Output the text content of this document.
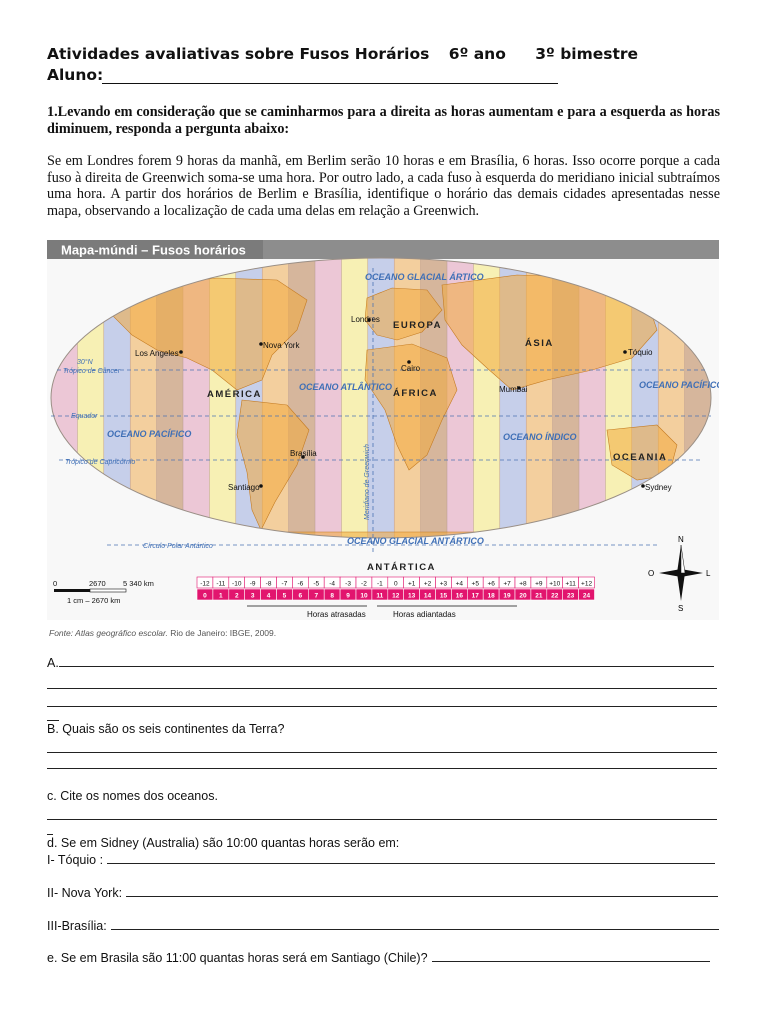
Atividades avaliativas sobre Fusos Horários 6º ano 3º bimestre
Aluno:
1.Levando em consideração que se caminharmos para a direita as horas aumentam e para a esquerda as horas diminuem, responda a pergunta abaixo:
Se em Londres forem 9 horas da manhã, em Berlim serão 10 horas e em Brasília, 6 horas. Isso ocorre porque a cada fuso à direita de Greenwich soma-se uma hora. Por outro lado, a cada fuso à esquerda do meridiano inicial subtraímos uma hora. A partir dos horários de Berlim e Brasília, identifique o horário das demais cidades apresentadas nesse mapa, observando a localização de cada uma delas em relação a Greenwich.
Mapa-múndi – Fusos horários
30°N
Trópico de Câncer
Equador
Trópico de Capricórnio
Círculo Polar Antártico
Meridiano de Greenwich
OCEANO GLACIAL ÁRTICO
OCEANO ATLÂNTICO
OCEANO PACÍFICO
OCEANO PACÍFICO
OCEANO ÍNDICO
OCEANO GLACIAL ANTÁRTICO
EUROPA
ÁSIA
AMÉRICA	ÁFRICA
OCEANIA
ANTÁRTICA
Londres
Nova York
Los Angeles
Cairo
Mumbai
Tóquio
Brasília
Santiago	Sydney
0	2670 5 340 km
1 cm – 2670 km
-12 -11 -10 -9 -8 -7 -6 -5 -4 -3 -2 -1 0 +1 +2 +3 +4 +5 +6 +7 +8 +9 +10 +11 +12
0 1 2 3 4 5 6 7 8 9 10 11 12 13 14 15 16 17 18 19 20 21 22 23 24
Horas atrasadas	Horas adiantadas
N
S
L
O
Fonte: Atlas geográfico escolar. Rio de Janeiro: IBGE, 2009.
A.
B. Quais são os seis continentes da Terra?
c. Cite os nomes dos oceanos.
d. Se em Sidney (Australia) são 10:00 quantas horas serão em:
I- Tóquio :
II- Nova York:
III-Brasília:
e. Se em Brasila são 11:00 quantas horas será em Santiago (Chile)?
